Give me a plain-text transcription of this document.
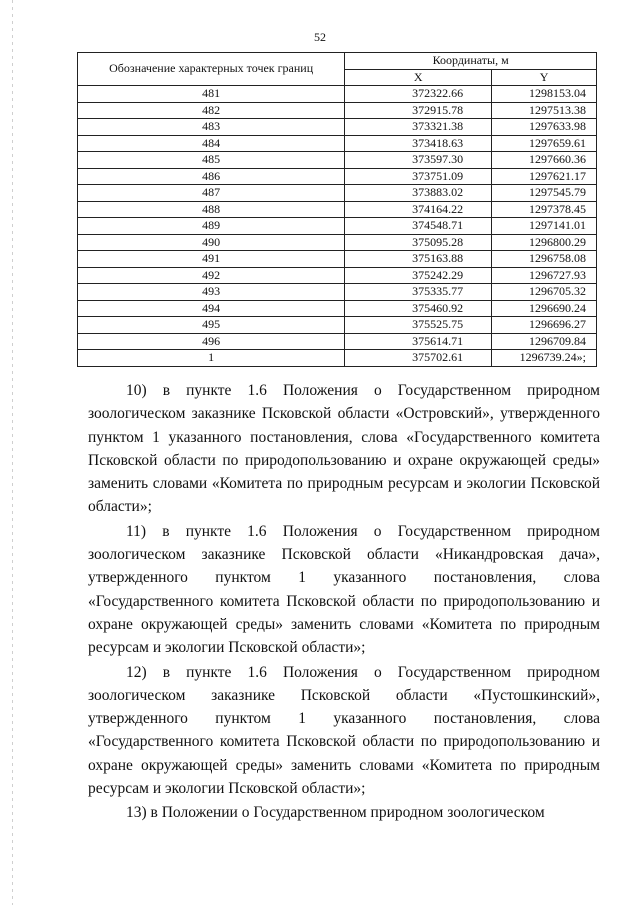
52
Обозначение характерных точек границ	Координаты, м	
	X	Y
481	372322.66	1298153.04
482	372915.78	1297513.38
483	373321.38	1297633.98
484	373418.63	1297659.61
485	373597.30	1297660.36
486	373751.09	1297621.17
487	373883.02	1297545.79
488	374164.22	1297378.45
489	374548.71	1297141.01
490	375095.28	1296800.29
491	375163.88	1296758.08
492	375242.29	1296727.93
493	375335.77	1296705.32
494	375460.92	1296690.24
495	375525.75	1296696.27
496	375614.71	1296709.84
1	375702.61	1296739.24»;

10) в пункте 1.6 Положения о Государственном природном зоологическом заказнике Псковской области «Островский», утвержденного пунктом 1 указанного постановления, слова «Государственного комитета Псковской области по природопользованию и охране окружающей среды» заменить словами «Комитета по природным ресурсам и экологии Псковской области»;

11) в пункте 1.6 Положения о Государственном природном зоологическом заказнике Псковской области «Никандровская дача», утвержденного пунктом 1 указанного постановления, слова «Государственного комитета Псковской области по природопользованию и охране окружающей среды» заменить словами «Комитета по природным ресурсам и экологии Псковской области»;

12) в пункте 1.6 Положения о Государственном природном зоологическом заказнике Псковской области «Пустошкинский», утвержденного пунктом 1 указанного постановления, слова «Государственного комитета Псковской области по природопользованию и охране окружающей среды» заменить словами «Комитета по природным ресурсам и экологии Псковской области»;

13) в Положении о Государственном природном зоологическом
